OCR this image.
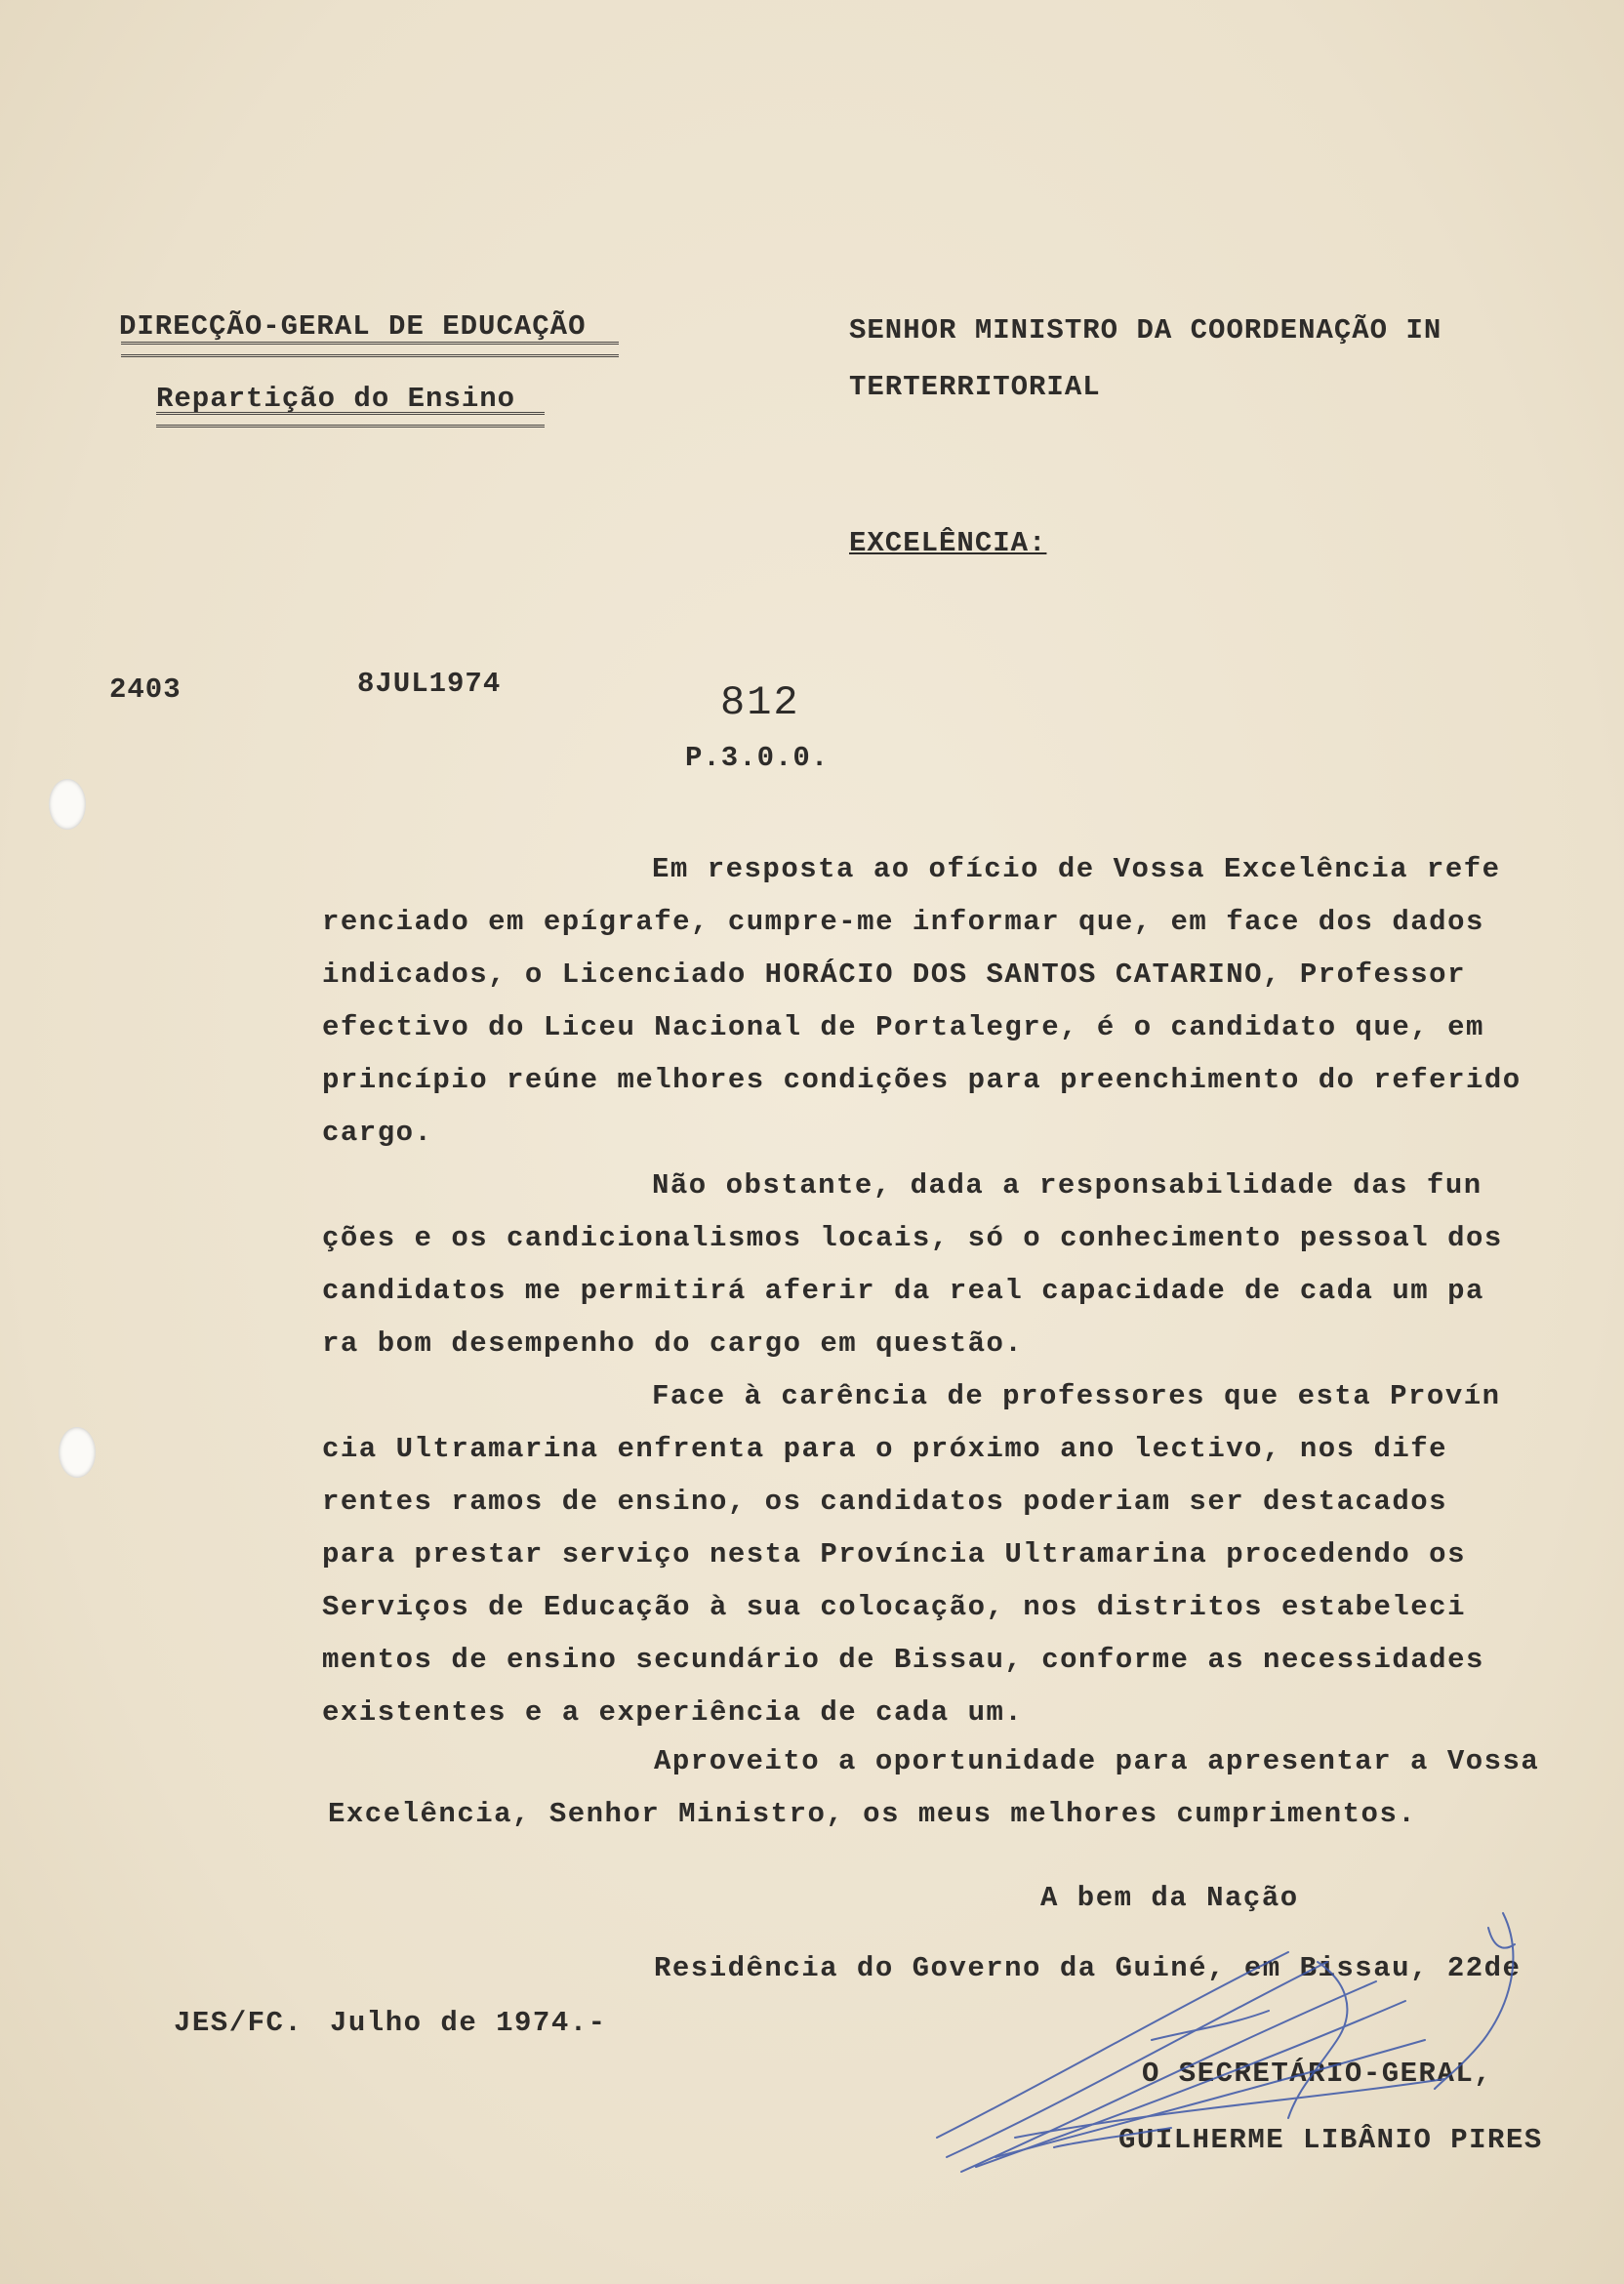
DIRECÇÃO-GERAL DE EDUCAÇÃO
Repartição do Ensino
SENHOR MINISTRO DA COORDENAÇÃO IN
TERTERRITORIAL
EXCELÊNCIA:
2403	8JUL1974	812
P.3.0.0.
Em resposta ao ofício de Vossa Excelência refe
renciado em epígrafe, cumpre-me informar que, em face dos dados
indicados, o Licenciado HORÁCIO DOS SANTOS CATARINO, Professor
efectivo do Liceu Nacional de Portalegre, é o candidato que, em
princípio reúne melhores condições para preenchimento do referido
cargo.
Não obstante, dada a responsabilidade das fun
ções e os candicionalismos locais, só o conhecimento pessoal dos
candidatos me permitirá aferir da real capacidade de cada um pa
ra bom desempenho do cargo em questão.
Face à carência de professores que esta Provín
cia Ultramarina enfrenta para o próximo ano lectivo, nos dife
rentes ramos de ensino, os candidatos poderiam ser destacados
para prestar serviço nesta Província Ultramarina procedendo os
Serviços de Educação à sua colocação, nos distritos estabeleci
mentos de ensino secundário de Bissau, conforme as necessidades
existentes e a experiência de cada um.
Aproveito a oportunidade para apresentar a Vossa
Excelência, Senhor Ministro, os meus melhores cumprimentos.
A bem da Nação
Residência do Governo da Guiné, em Bissau, 22de
JES/FC. Julho de 1974.-
O SECRETÁRIO-GERAL,
GUILHERME LIBÂNIO PIRES
